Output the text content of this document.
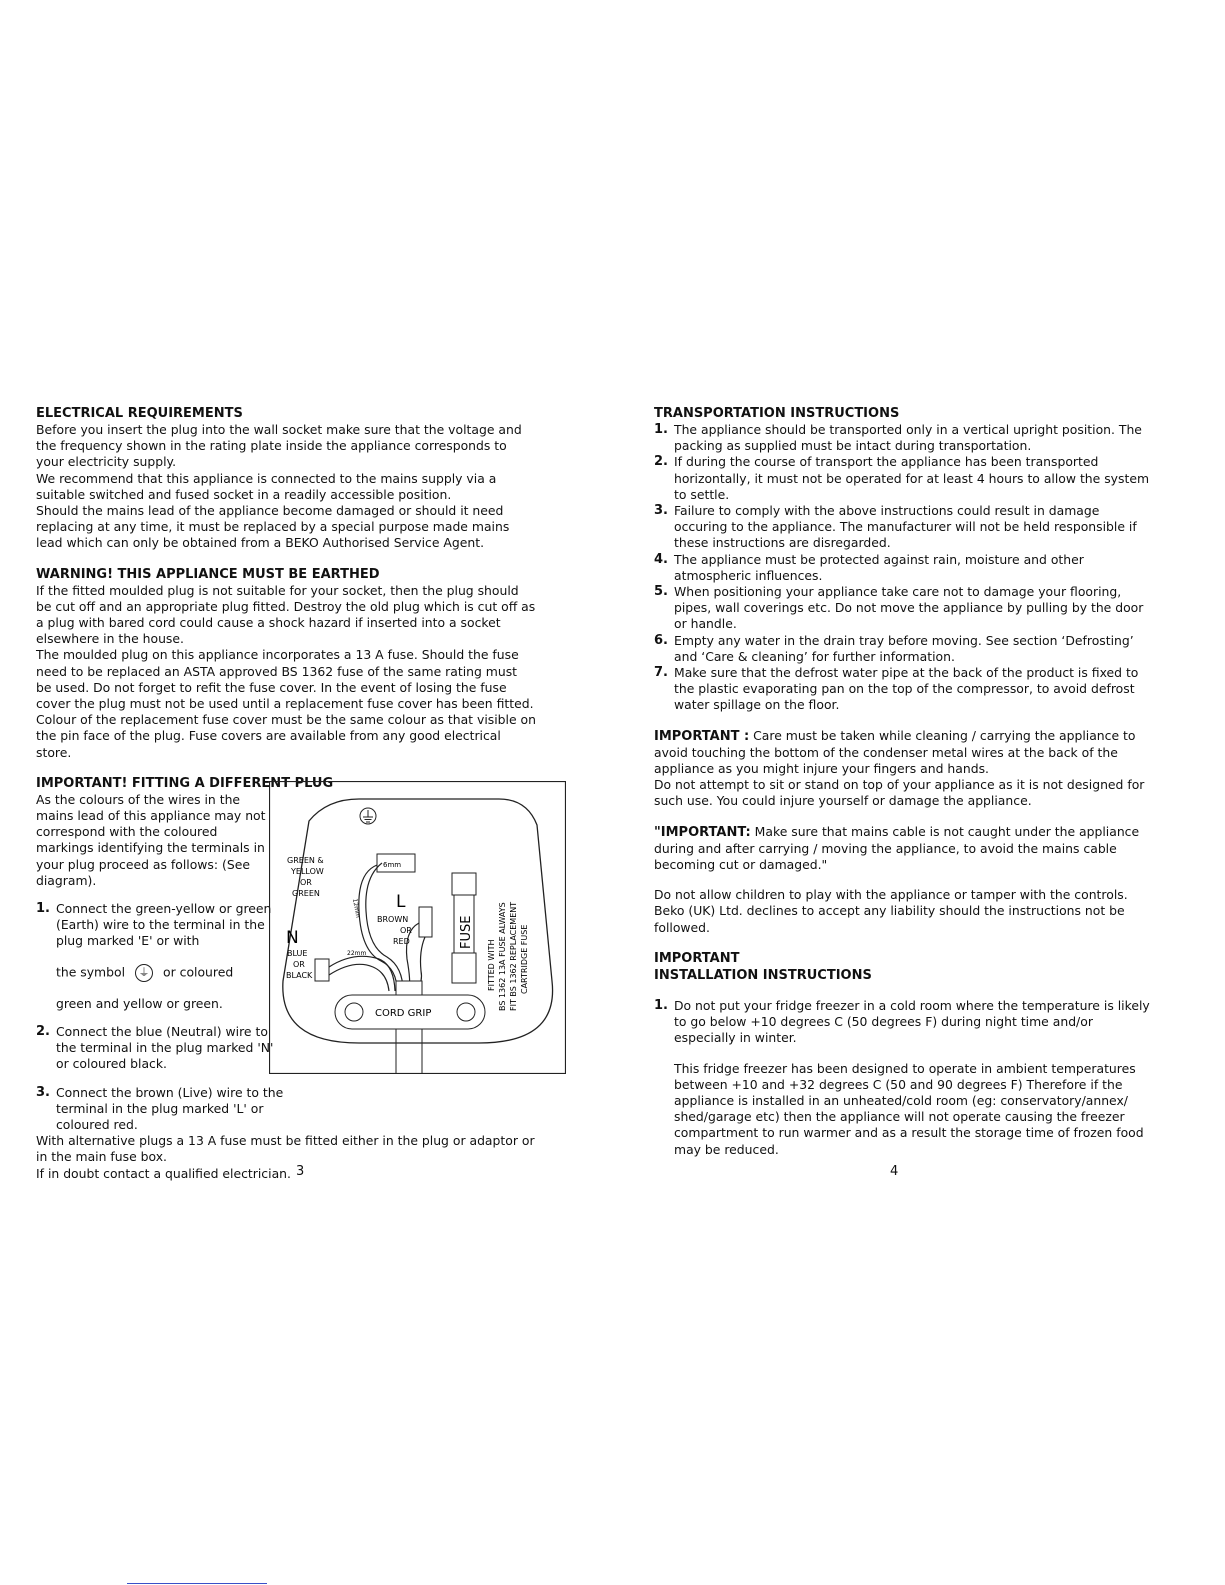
ELECTRICAL REQUIREMENTS

Before you insert the plug into the wall socket make sure that the voltage and the frequency shown in the rating plate inside the appliance corresponds to your electricity supply.

We recommend that this appliance is connected to the mains supply via a suitable switched and fused socket in a readily accessible position.

Should the mains lead of the appliance become damaged or should it need replacing at any time, it must be replaced by a special purpose made mains lead which can only be obtained from a BEKO Authorised Service Agent.

WARNING! THIS APPLIANCE MUST BE EARTHED

If the fitted moulded plug is not suitable for your socket, then the plug should be cut off and an appropriate plug fitted. Destroy the old plug which is cut off as a plug with bared cord could cause a shock hazard if inserted into a socket elsewhere in the house.

The moulded plug on this appliance incorporates a 13 A fuse. Should the fuse need to be replaced an ASTA approved BS 1362 fuse of the same rating must be used. Do not forget to refit the fuse cover. In the event of losing the fuse cover the plug must not be used until a replacement fuse cover has been fitted. Colour of the replacement fuse cover must be the same colour as that visible on the pin face of the plug. Fuse covers are available from any good electrical store.

IMPORTANT! FITTING A DIFFERENT PLUG
As the colours of the wires in the mains lead of this appliance may not correspond with the coloured markings identifying the terminals in your plug proceed as follows: (See diagram).
1. Connect the green-yellow or green (Earth) wire to the terminal in the plug marked 'E' or with
the symbol ⏚ or coloured
green and yellow or green.
2. Connect the blue (Neutral) wire to the terminal in the plug marked 'N' or coloured black.
3. Connect the brown (Live) wire to the terminal in the plug marked 'L' or coloured red.

With alternative plugs a 13 A fuse must be fitted either in the plug or adaptor or in the main fuse box.

If in doubt contact a qualified electrician.

6mm
12mm
GREEN &
YELLOW
OR
GREEN	L
BROWN
OR
RED
N
22mm
BLUE
OR
BLACK
FUSE
FITTED WITH BS 1362 13A FUSE ALWAYS FIT BS 1362 REPLACEMENT CARTRIDGE FUSE
CORD GRIP
3
TRANSPORTATION INSTRUCTIONS
1. The appliance should be transported only in a vertical upright position. The packing as supplied must be intact during transportation.
2. If during the course of transport the appliance has been transported horizontally, it must not be operated for at least 4 hours to allow the system to settle.
3. Failure to comply with the above instructions could result in damage occuring to the appliance. The manufacturer will not be held responsible if these instructions are disregarded.
4. The appliance must be protected against rain, moisture and other atmospheric influences.
5. When positioning your appliance take care not to damage your flooring, pipes, wall coverings etc. Do not move the appliance by pulling by the door or handle.
6. Empty any water in the drain tray before moving. See section ‘Defrosting’ and ‘Care & cleaning’ for further information.
7. Make sure that the defrost water pipe at the back of the product is fixed to the plastic evaporating pan on the top of the compressor, to avoid defrost water spillage on the floor.
IMPORTANT : Care must be taken while cleaning / carrying the appliance to avoid touching the bottom of the condenser metal wires at the back of the appliance as you might injure your fingers and hands.
Do not attempt to sit or stand on top of your appliance as it is not designed for such use. You could injure yourself or damage the appliance.
"IMPORTANT: Make sure that mains cable is not caught under the appliance during and after carrying / moving the appliance, to avoid the mains cable becoming cut or damaged."
Do not allow children to play with the appliance or tamper with the controls. Beko (UK) Ltd. declines to accept any liability should the instructions not be followed.
IMPORTANT
INSTALLATION INSTRUCTIONS
1. Do not put your fridge freezer in a cold room where the temperature is likely to go below +10 degrees C (50 degrees F) during night time and/or especially in winter.
This fridge freezer has been designed to operate in ambient temperatures between +10 and +32 degrees C (50 and 90 degrees F) Therefore if the appliance is installed in an unheated/cold room (eg: conservatory/annex/ shed/garage etc) then the appliance will not operate causing the freezer compartment to run warmer and as a result the storage time of frozen food may be reduced.
4
